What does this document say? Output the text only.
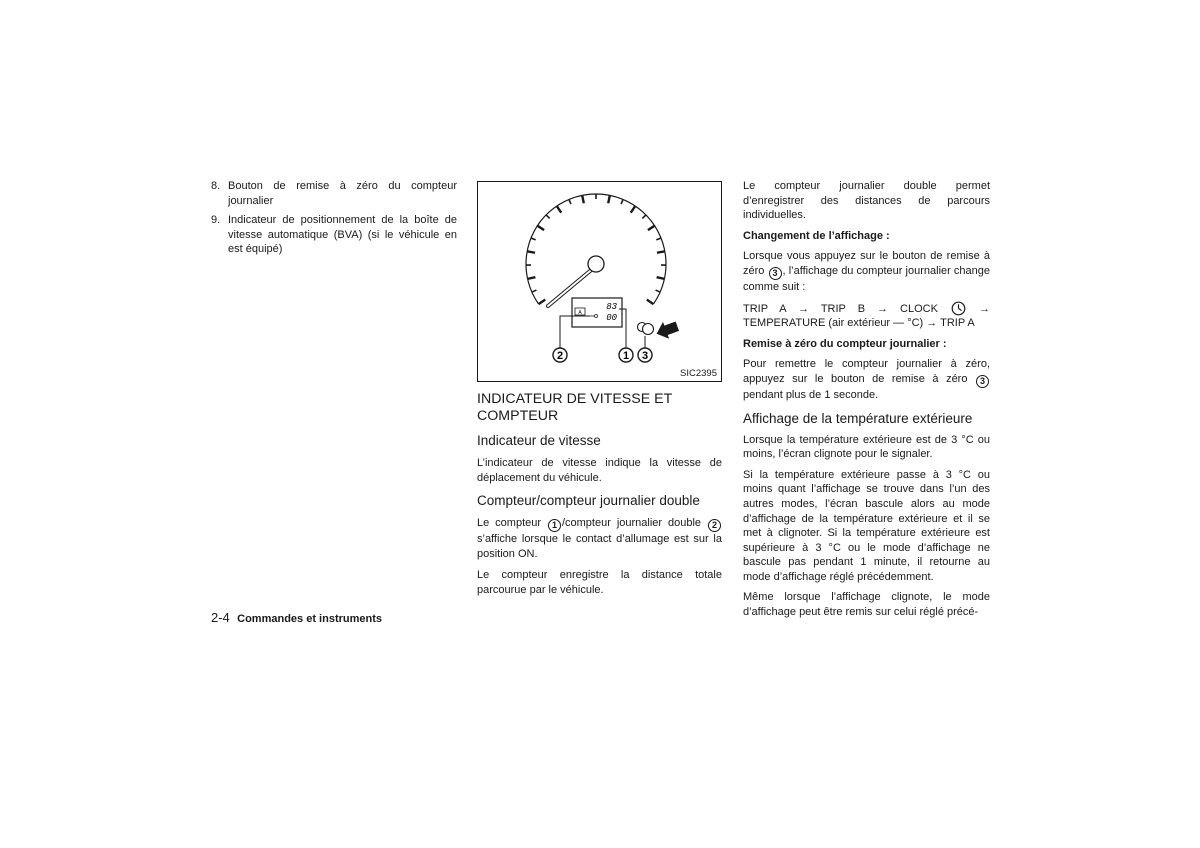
8. Bouton de remise à zéro du compteur journalier
9. Indicateur de positionnement de la boîte de vitesse automatique (BVA) (si le véhicule en est équipé)
A
83
00
2	1 3
SIC2395
INDICATEUR DE VITESSE ET COMPTEUR
Indicateur de vitesse

L’indicateur de vitesse indique la vitesse de déplacement du véhicule.

Compteur/compteur journalier double

Le compteur 1 /compteur journalier double 2 s’affiche lorsque le contact d’allumage est sur la position ON.

Le compteur enregistre la distance totale parcourue par le véhicule.

Le compteur journalier double permet d’enregistrer des distances de parcours individuelles.

Changement de l’affichage :

Lorsque vous appuyez sur le bouton de remise à zéro 3 , l’affichage du compteur journalier change comme suit :

TRIP A → TRIP B → CLOCK	→ TEMPERATURE (air extérieur — °C) → TRIP A

Remise à zéro du compteur journalier :

Pour remettre le compteur journalier à zéro, appuyez sur le bouton de remise à zéro 3 pendant plus de 1 seconde.

Affichage de la température extérieure

Lorsque la température extérieure est de 3 °C ou moins, l’écran clignote pour le signaler.

Si la température extérieure passe à 3 °C ou moins quant l’affichage se trouve dans l’un des autres modes, l’écran bascule alors au mode d’affichage de la température extérieure et il se met à clignoter. Si la température extérieure est supérieure à 3 °C ou le mode d’affichage ne bascule pas pendant 1 minute, il retourne au mode d’affichage réglé précédemment.

Même lorsque l’affichage clignote, le mode d’affichage peut être remis sur celui réglé précé-

2-4 Commandes et instruments
